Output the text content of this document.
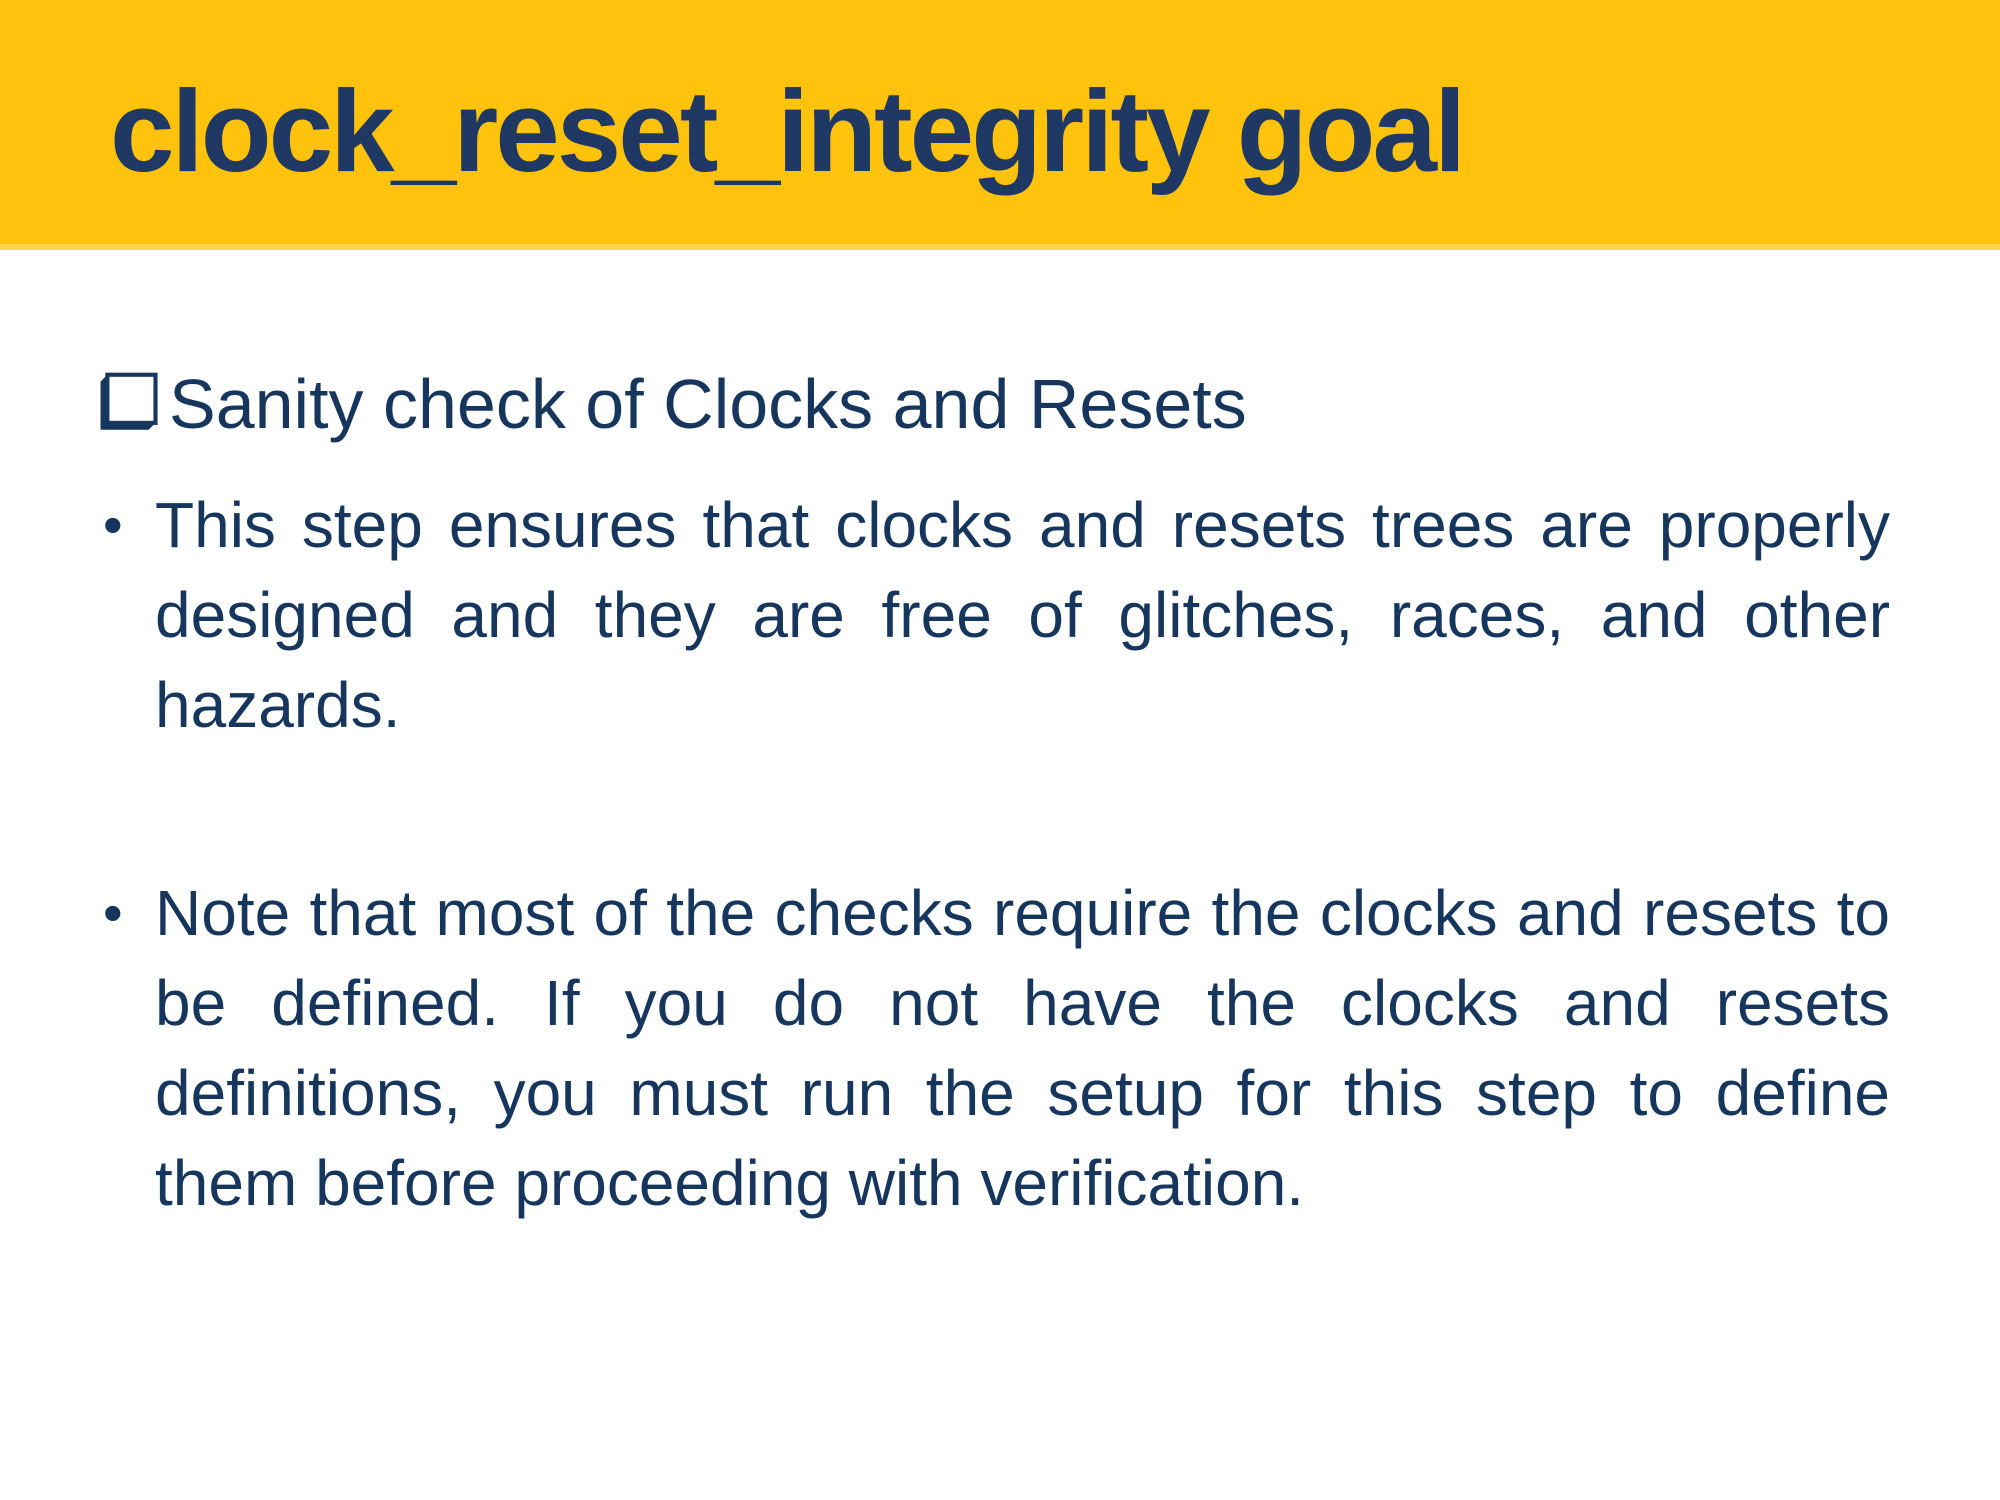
clock_reset_integrity goal
Sanity check of Clocks and Resets
• This step ensures that clocks and resets trees are properly designed and they are free of glitches, races, and other hazards.
• Note that most of the checks require the clocks and resets to be defined. If you do not have the clocks and resets definitions, you must run the setup for this step to define them before proceeding with verification.
